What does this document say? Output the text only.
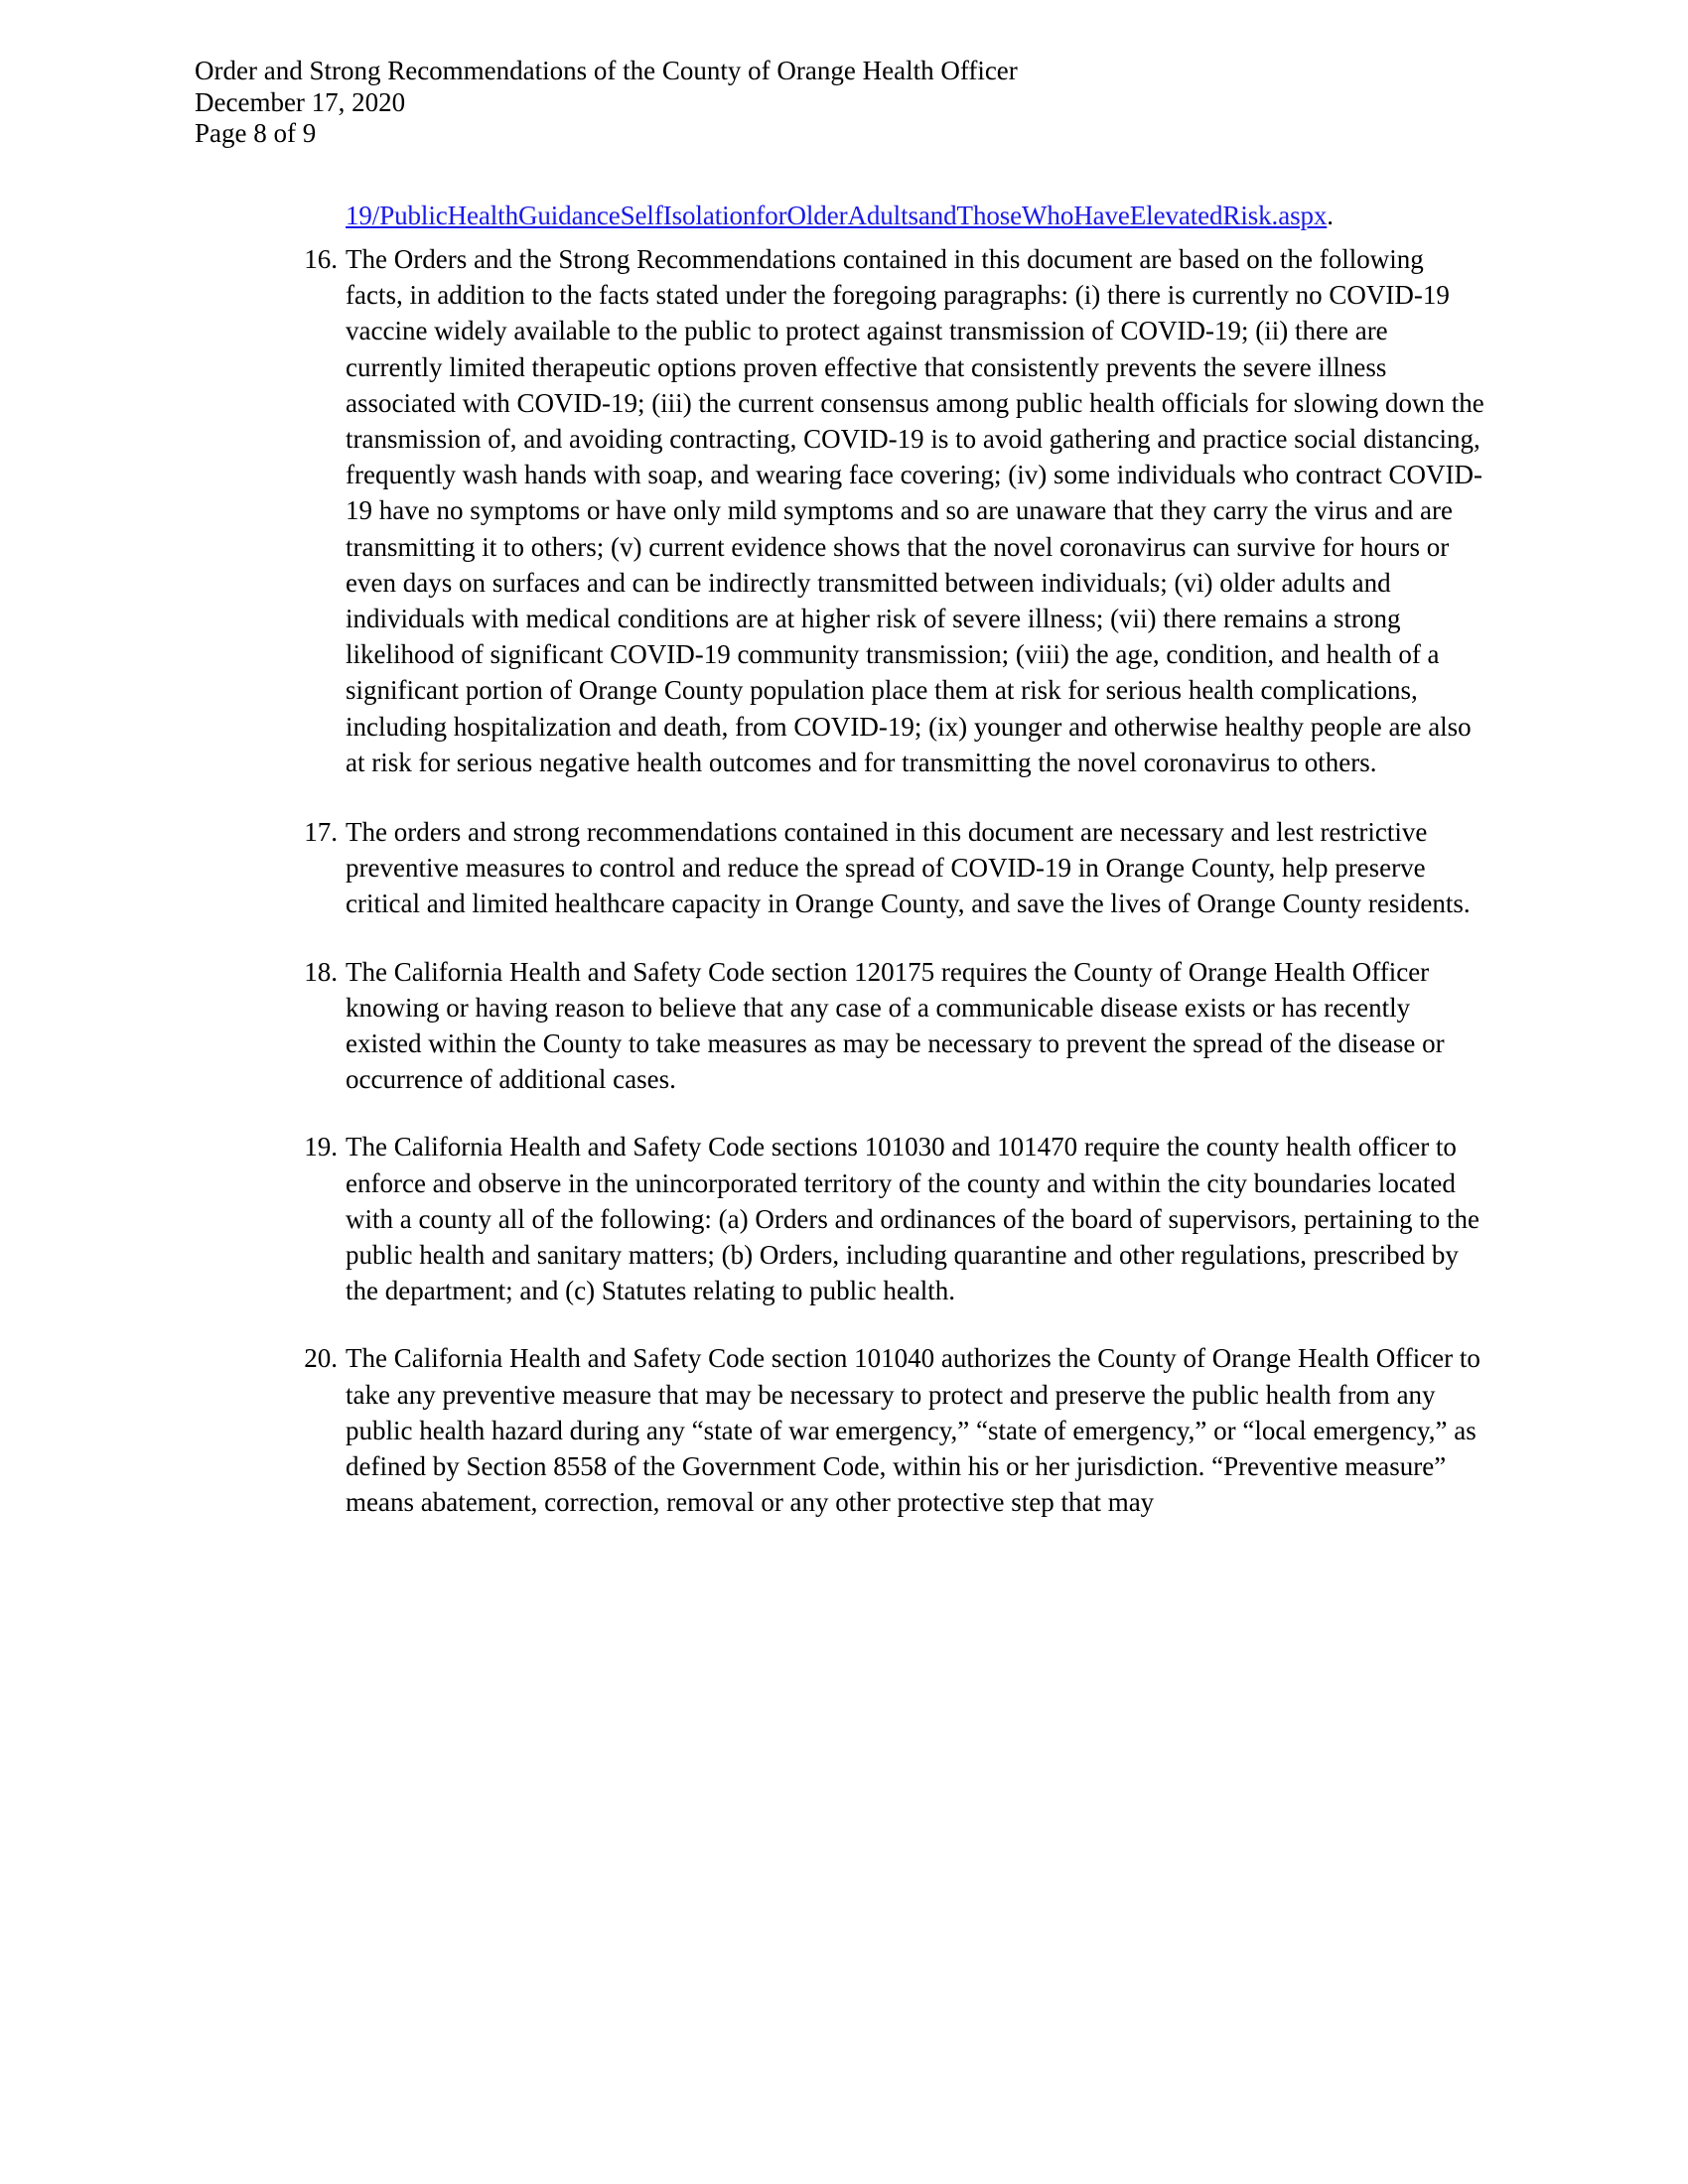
Order and Strong Recommendations of the County of Orange Health Officer
December 17, 2020
Page 8 of 9

19/PublicHealthGuidanceSelfIsolationforOlderAdultsandThoseWhoHaveElevatedRisk.aspx.

16. The Orders and the Strong Recommendations contained in this document are based on the following facts, in addition to the facts stated under the foregoing paragraphs: (i) there is currently no COVID-19 vaccine widely available to the public to protect against transmission of COVID-19; (ii) there are currently limited therapeutic options proven effective that consistently prevents the severe illness associated with COVID-19; (iii) the current consensus among public health officials for slowing down the transmission of, and avoiding contracting, COVID-19 is to avoid gathering and practice social distancing, frequently wash hands with soap, and wearing face covering; (iv) some individuals who contract COVID-19 have no symptoms or have only mild symptoms and so are unaware that they carry the virus and are transmitting it to others; (v) current evidence shows that the novel coronavirus can survive for hours or even days on surfaces and can be indirectly transmitted between individuals; (vi) older adults and individuals with medical conditions are at higher risk of severe illness; (vii) there remains a strong likelihood of significant COVID-19 community transmission; (viii) the age, condition, and health of a significant portion of Orange County population place them at risk for serious health complications, including hospitalization and death, from COVID-19; (ix) younger and otherwise healthy people are also at risk for serious negative health outcomes and for transmitting the novel coronavirus to others.
17. The orders and strong recommendations contained in this document are necessary and lest restrictive preventive measures to control and reduce the spread of COVID-19 in Orange County, help preserve critical and limited healthcare capacity in Orange County, and save the lives of Orange County residents.
18. The California Health and Safety Code section 120175 requires the County of Orange Health Officer knowing or having reason to believe that any case of a communicable disease exists or has recently existed within the County to take measures as may be necessary to prevent the spread of the disease or occurrence of additional cases.
19. The California Health and Safety Code sections 101030 and 101470 require the county health officer to enforce and observe in the unincorporated territory of the county and within the city boundaries located with a county all of the following: (a) Orders and ordinances of the board of supervisors, pertaining to the public health and sanitary matters; (b) Orders, including quarantine and other regulations, prescribed by the department; and (c) Statutes relating to public health.
20. The California Health and Safety Code section 101040 authorizes the County of Orange Health Officer to take any preventive measure that may be necessary to protect and preserve the public health from any public health hazard during any “state of war emergency,” “state of emergency,” or “local emergency,” as defined by Section 8558 of the Government Code, within his or her jurisdiction. “Preventive measure” means abatement, correction, removal or any other protective step that may
